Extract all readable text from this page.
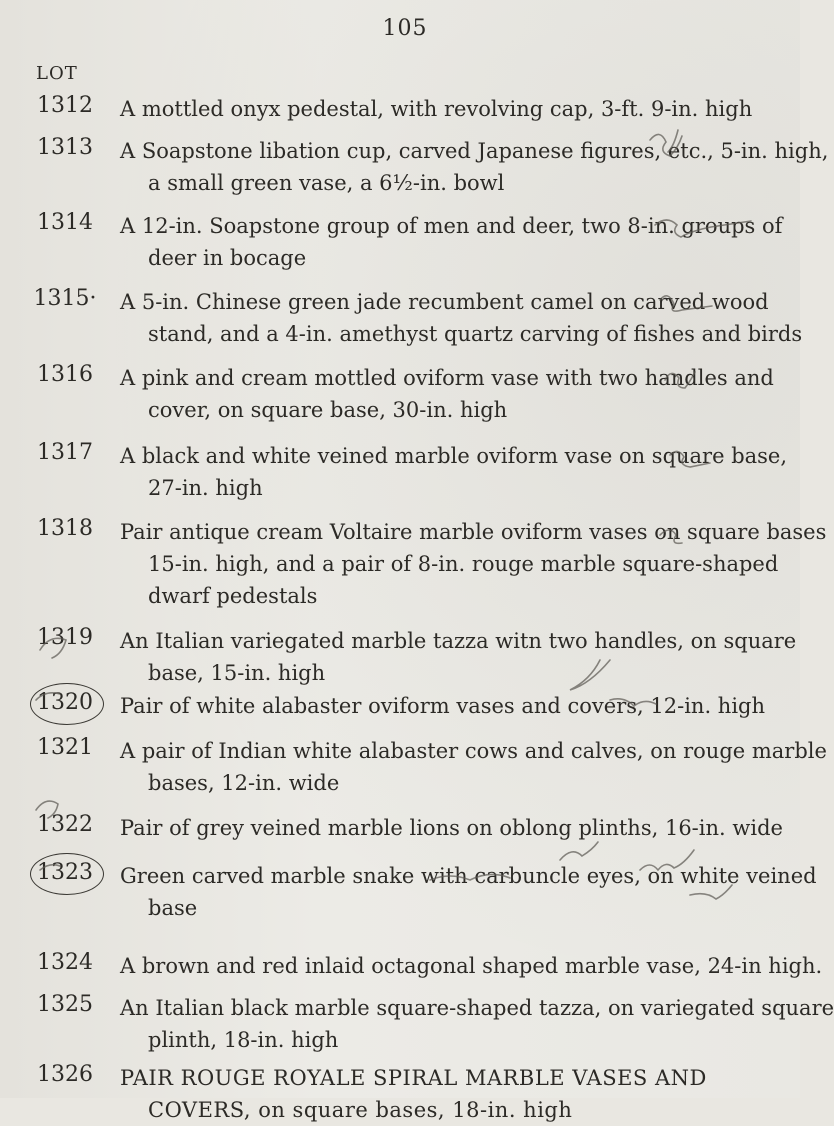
105
LOT
1312	A mottled onyx pedestal, with revolving cap, 3-ft. 9-in. high
1313	A Soapstone libation cup, carved Japanese figures, etc., 5-in. high,
a small green vase, a 6½-in. bowl
1314	A 12-in. Soapstone group of men and deer, two 8-in. groups of
deer in bocage
1315· A 5-in. Chinese green jade recumbent camel on carved wood
stand, and a 4-in. amethyst quartz carving of fishes and birds
1316	A pink and cream mottled oviform vase with two handles and
cover, on square base, 30-in. high
1317	A black and white veined marble oviform vase on square base,
27-in. high
1318	Pair antique cream Voltaire marble oviform vases on square bases
15-in. high, and a pair of 8-in. rouge marble square-shaped
dwarf pedestals
1319	An Italian variegated marble tazza witn two handles, on square
base, 15-in. high
1320	Pair of white alabaster oviform vases and covers, 12-in. high
1321	A pair of Indian white alabaster cows and calves, on rouge marble
bases, 12-in. wide
1322	Pair of grey veined marble lions on oblong plinths, 16-in. wide
1323	Green carved marble snake with carbuncle eyes, on white veined
base
1324	A brown and red inlaid octagonal shaped marble vase, 24-in high.
1325	An Italian black marble square-shaped tazza, on variegated square
plinth, 18-in. high
1326	PAIR ROUGE ROYALE SPIRAL MARBLE VASES AND
COVERS, on square bases, 18-in. high
